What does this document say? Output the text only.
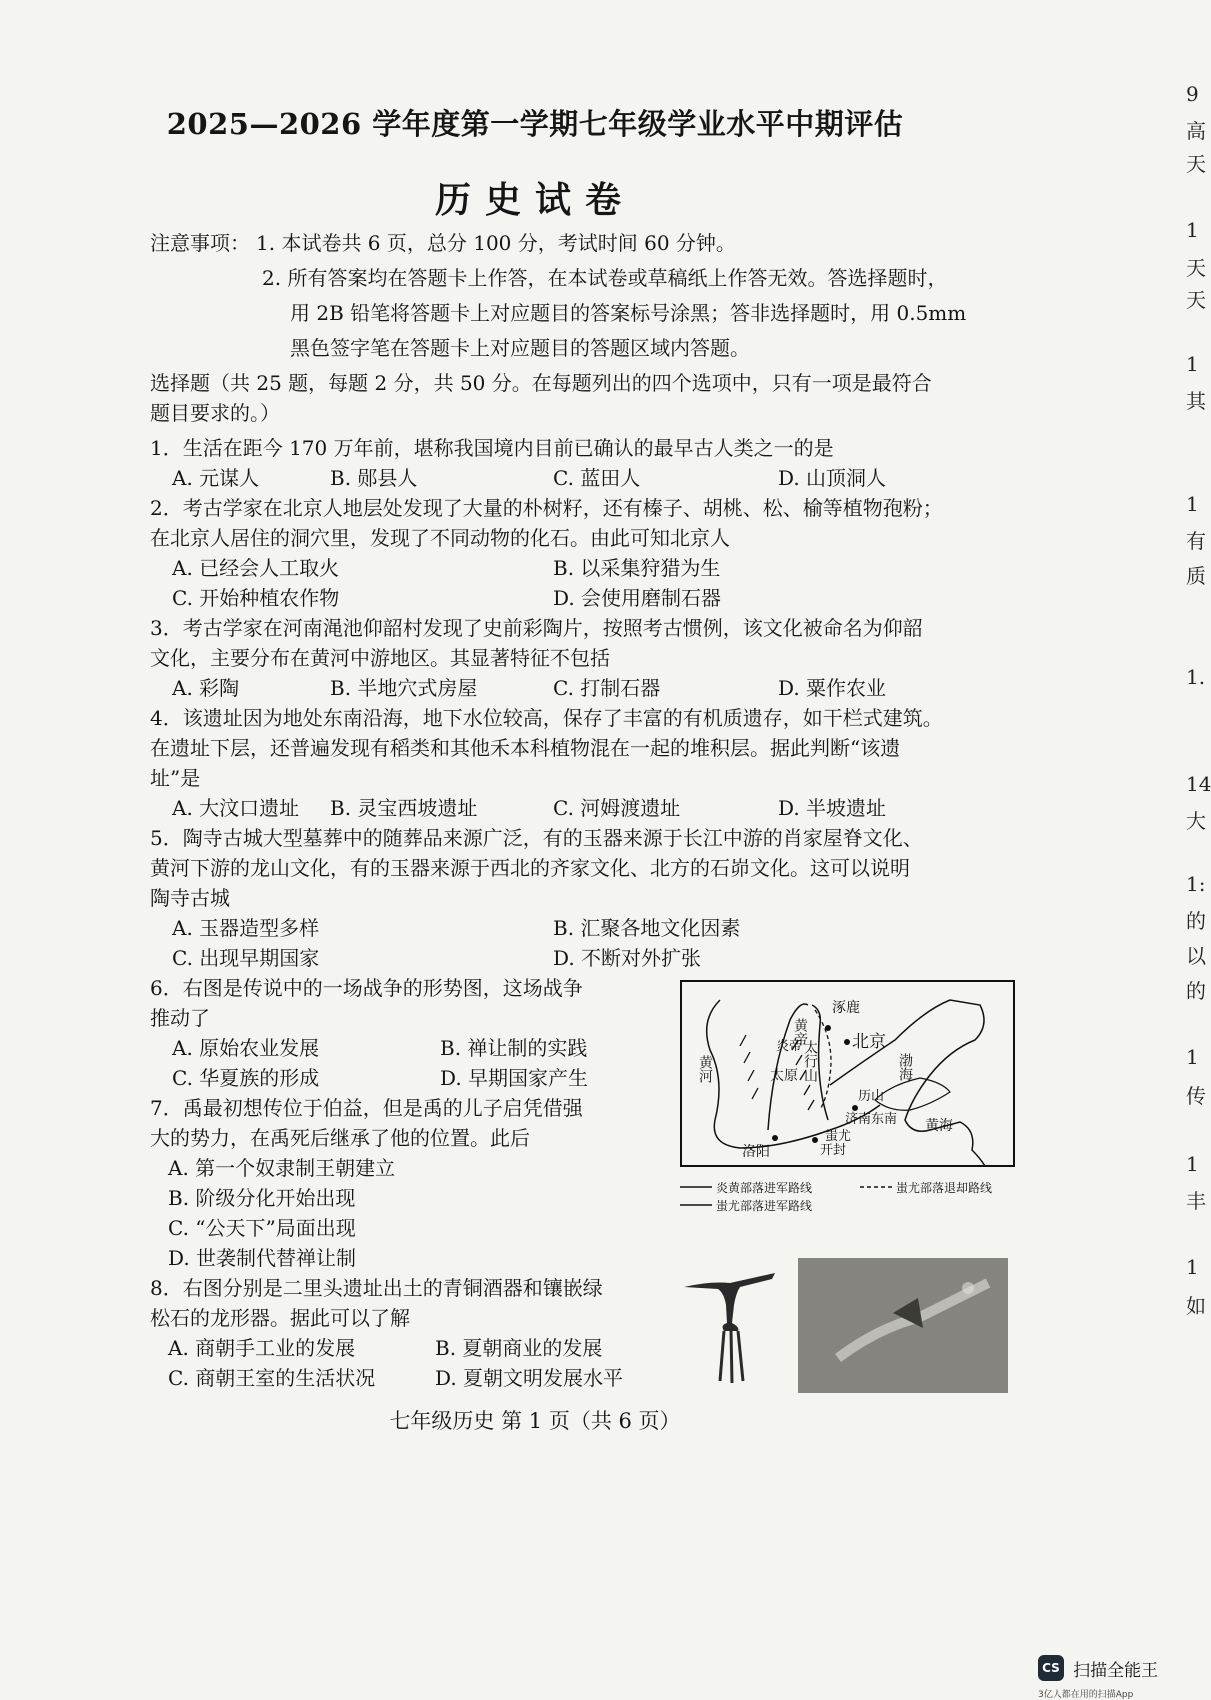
2025—2026 学年度第一学期七年级学业水平中期评估
历史试卷
注意事项： 1. 本试卷共 6 页，总分 100 分，考试时间 60 分钟。
2. 所有答案均在答题卡上作答，在本试卷或草稿纸上作答无效。答选择题时，
用 2B 铅笔将答题卡上对应题目的答案标号涂黑；答非选择题时，用 0.5mm
黑色签字笔在答题卡上对应题目的答题区域内答题。
选择题（共 25 题，每题 2 分，共 50 分。在每题列出的四个选项中，只有一项是最符合
题目要求的。）
1．生活在距今 170 万年前，堪称我国境内目前已确认的最早古人类之一的是
A. 元谋人	B. 郧县人	C. 蓝田人	D. 山顶洞人
2．考古学家在北京人地层处发现了大量的朴树籽，还有榛子、胡桃、松、榆等植物孢粉；
在北京人居住的洞穴里，发现了不同动物的化石。由此可知北京人
A. 已经会人工取火	B. 以采集狩猎为生
C. 开始种植农作物	D. 会使用磨制石器
3．考古学家在河南渑池仰韶村发现了史前彩陶片，按照考古惯例，该文化被命名为仰韶
文化，主要分布在黄河中游地区。其显著特征不包括
A. 彩陶	B. 半地穴式房屋	C. 打制石器	D. 粟作农业
4．该遗址因为地处东南沿海，地下水位较高，保存了丰富的有机质遗存，如干栏式建筑。
在遗址下层，还普遍发现有稻类和其他禾本科植物混在一起的堆积层。据此判断“该遗
址”是
A. 大汶口遗址 B. 灵宝西坡遗址	C. 河姆渡遗址	D. 半坡遗址
5．陶寺古城大型墓葬中的随葬品来源广泛，有的玉器来源于长江中游的肖家屋脊文化、
黄河下游的龙山文化，有的玉器来源于西北的齐家文化、北方的石峁文化。这可以说明
陶寺古城
A. 玉器造型多样	B. 汇聚各地文化因素
C. 出现早期国家	D. 不断对外扩张
6．右图是传说中的一场战争的形势图，这场战争
推动了
A. 原始农业发展	B. 禅让制的实践
C. 华夏族的形成	D. 早期国家产生
7．禹最初想传位于伯益，但是禹的儿子启凭借强
大的势力，在禹死后继承了他的位置。此后
A. 第一个奴隶制王朝建立
B. 阶级分化开始出现
C. “公天下”局面出现
D. 世袭制代替禅让制
8．右图分别是二里头遗址出土的青铜酒器和镶嵌绿
松石的龙形器。据此可以了解
A. 商朝手工业的发展	B. 夏朝商业的发展
C. 商朝王室的生活状况	D. 夏朝文明发展水平
涿鹿
北京
黄帝
炎帝
渤海
黄河	太原 太行山
历山
济南东南 黄海
洛阳	开封
蚩尤
炎黄部落进军路线	蚩尤部落退却路线
蚩尤部落进军路线
七年级历史 第 1 页（共 6 页）
9
高
天
1
天
天
1
其
1
有
质
1.
14
大
1:
的
以
的
1
传
1
丰
1
如
CS 扫描全能王
3亿人都在用的扫描App
